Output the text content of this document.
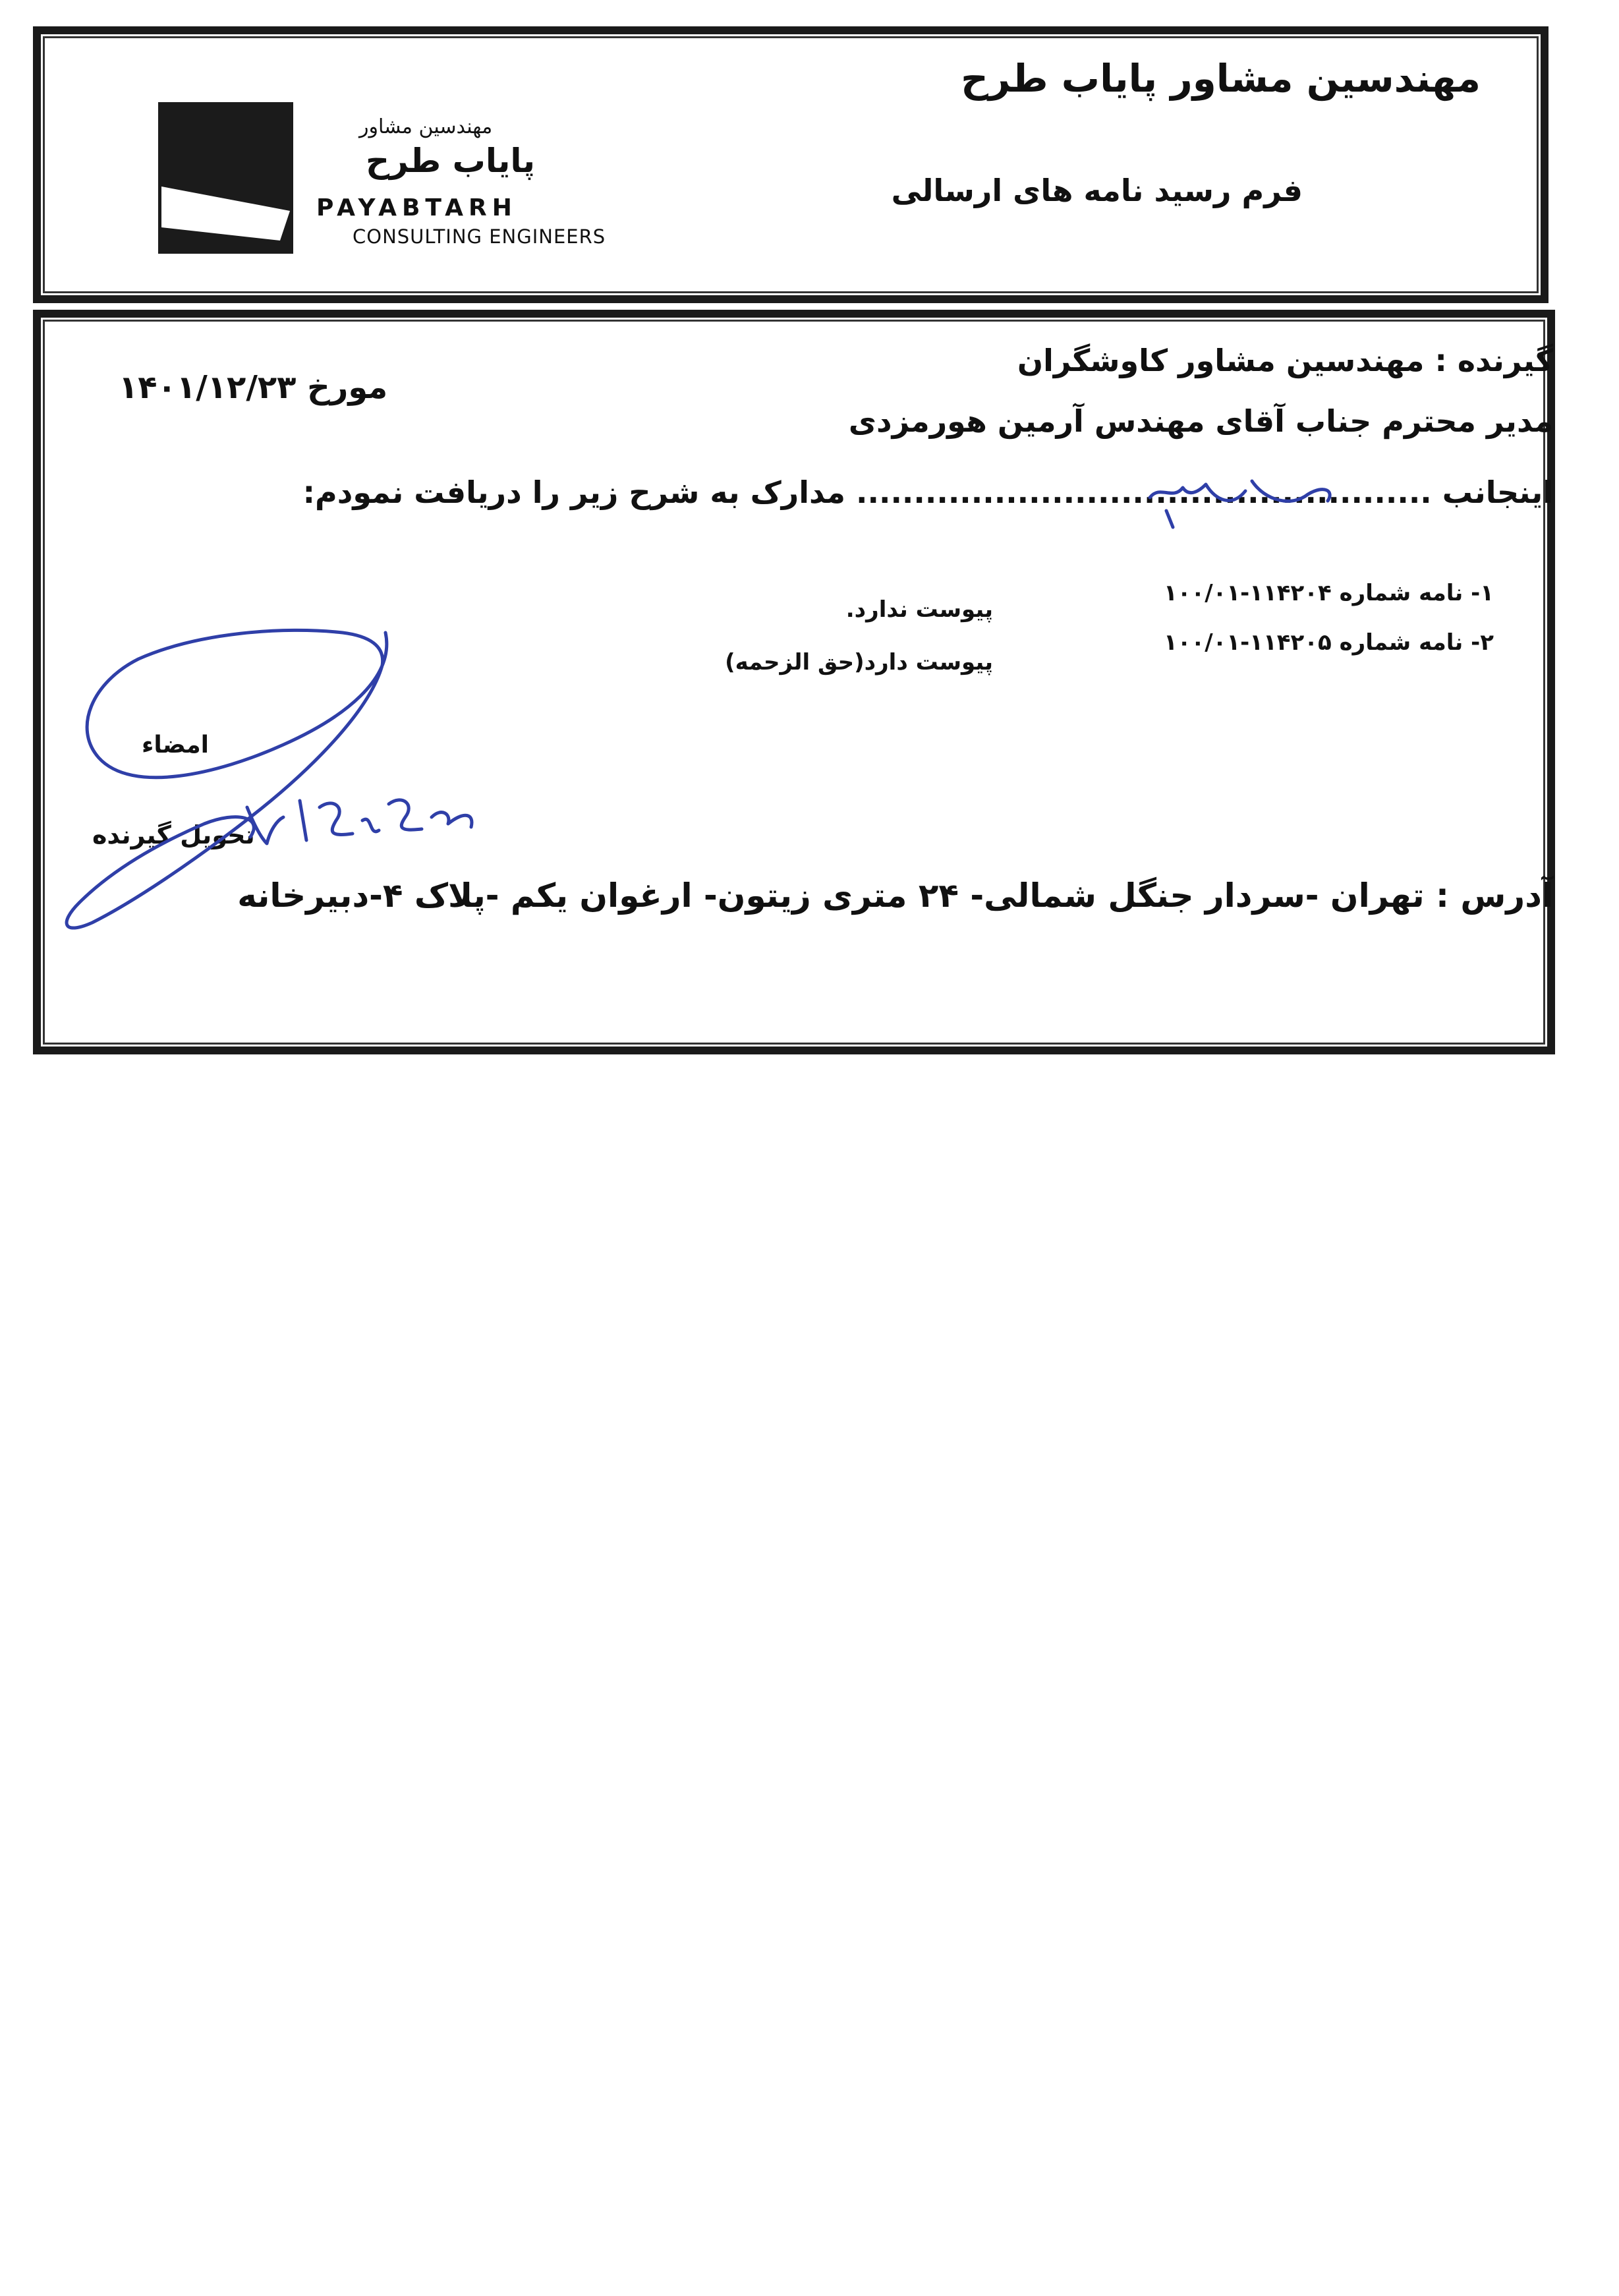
مهندسین مشاور پایاب طرح
فرم رسید نامه های ارسالی
مهندسین مشاور
پایاب طرح
PAYABTARH
CONSULTING ENGINEERS
گیرنده : مهندسین مشاور کاوشگران
مورخ ۱۴۰۱/۱۲/۲۳
مدیر محترم جناب آقای مهندس آرمین هورمزدی
اینجانب .................................................. مدارک به شرح زیر را دریافت نمودم:
۱- نامه شماره ۱۱۴۲۰۴-۱۰۰/۰۱
پیوست ندارد.
۲- نامه شماره ۱۱۴۲۰۵-۱۰۰/۰۱
پیوست دارد(حق الزحمه)
امضاء
تحویل گیرنده
آدرس : تهران -سردار جنگل شمالی- ۲۴ متری زیتون- ارغوان یکم -پلاک ۴-دبیرخانه
